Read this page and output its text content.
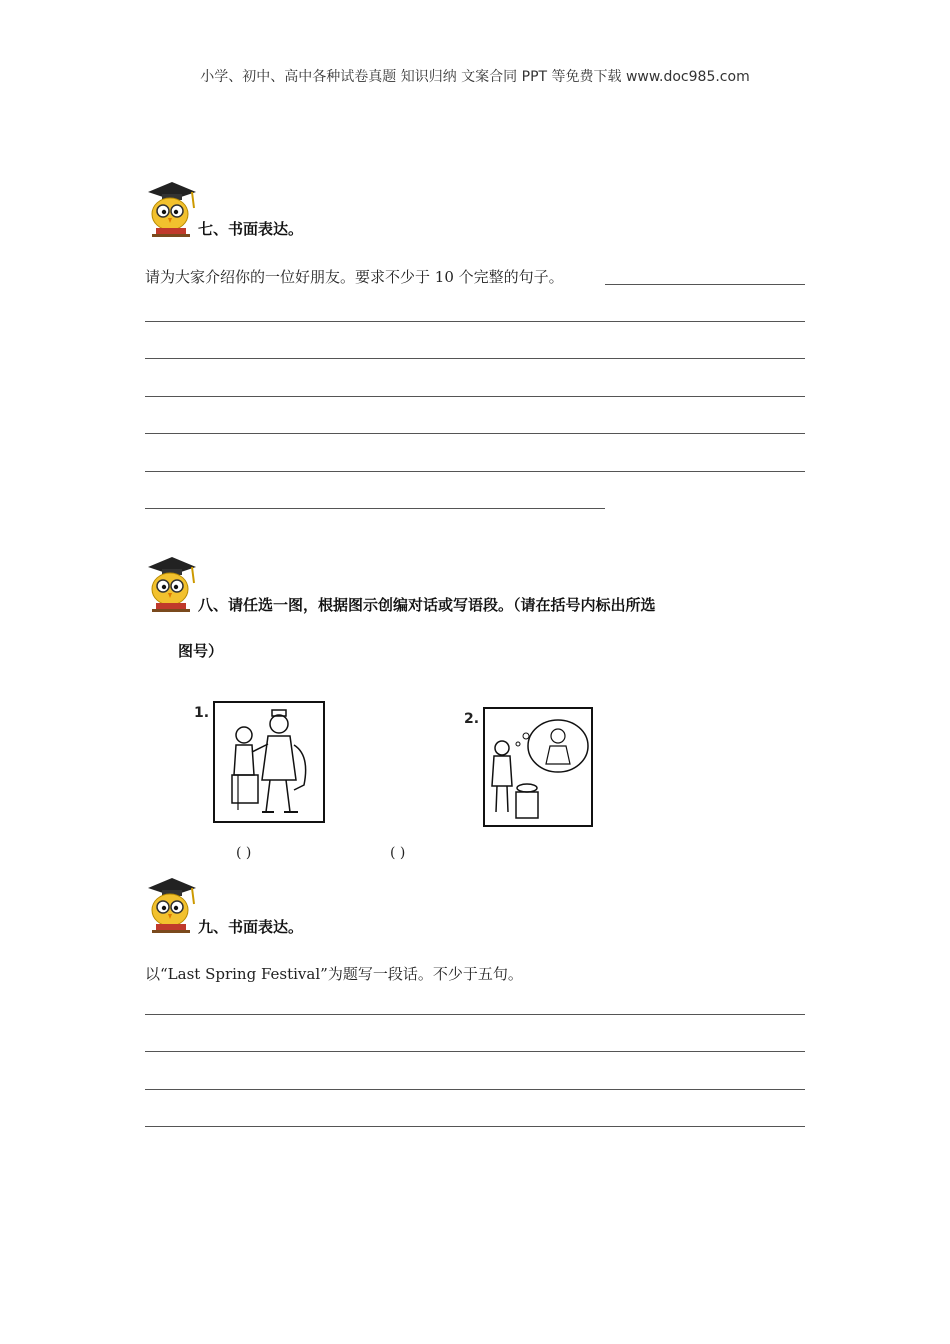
小学、初中、高中各种试卷真题 知识归纳 文案合同 PPT 等免费下载 www.doc985.com
七、书面表达。
请为大家介绍你的一位好朋友。要求不少于 10 个完整的句子。
八、请任选一图，根据图示创编对话或写语段。（请在括号内标出所选
图号）
1.	2.
( )	( )
九、书面表达。
以“Last Spring Festival”为题写一段话。不少于五句。
